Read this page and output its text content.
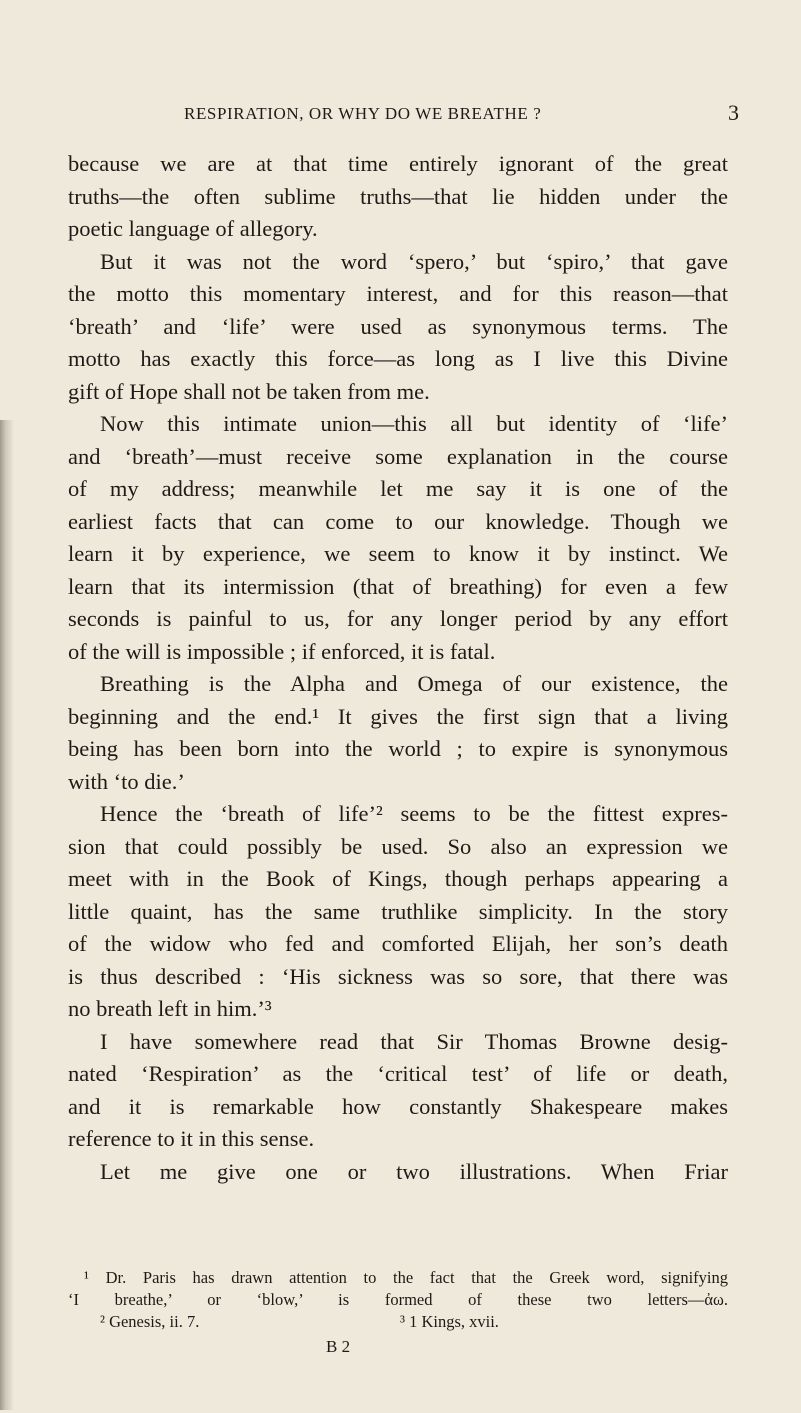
RESPIRATION, OR WHY DO WE BREATHE ?	3
because we are at that time entirely ignorant of the great
truths—the often sublime truths—that lie hidden under the
poetic language of allegory.
But it was not the word ‘spero,’ but ‘spiro,’ that gave
the motto this momentary interest, and for this reason—that
‘breath’ and ‘life’ were used as synonymous terms. The
motto has exactly this force—as long as I live this Divine
gift of Hope shall not be taken from me.
Now this intimate union—this all but identity of ‘life’
and ‘breath’—must receive some explanation in the course
of my address; meanwhile let me say it is one of the
earliest facts that can come to our knowledge. Though we
learn it by experience, we seem to know it by instinct. We
learn that its intermission (that of breathing) for even a few
seconds is painful to us, for any longer period by any effort
of the will is impossible ; if enforced, it is fatal.
Breathing is the Alpha and Omega of our existence, the
beginning and the end.¹ It gives the first sign that a living
being has been born into the world ; to expire is synonymous
with ‘to die.’
Hence the ‘breath of life’² seems to be the fittest expres-
sion that could possibly be used. So also an expression we
meet with in the Book of Kings, though perhaps appearing a
little quaint, has the same truthlike simplicity. In the story
of the widow who fed and comforted Elijah, her son’s death
is thus described : ‘His sickness was so sore, that there was
no breath left in him.’³
I have somewhere read that Sir Thomas Browne desig-
nated ‘Respiration’ as the ‘critical test’ of life or death,
and it is remarkable how constantly Shakespeare makes
reference to it in this sense.
Let me give one or two illustrations. When Friar
¹ Dr. Paris has drawn attention to the fact that the Greek word, signifying
‘I breathe,’ or ‘blow,’ is formed of these two letters—ἀω.
² Genesis, ii. 7.	³ 1 Kings, xvii.
B 2
